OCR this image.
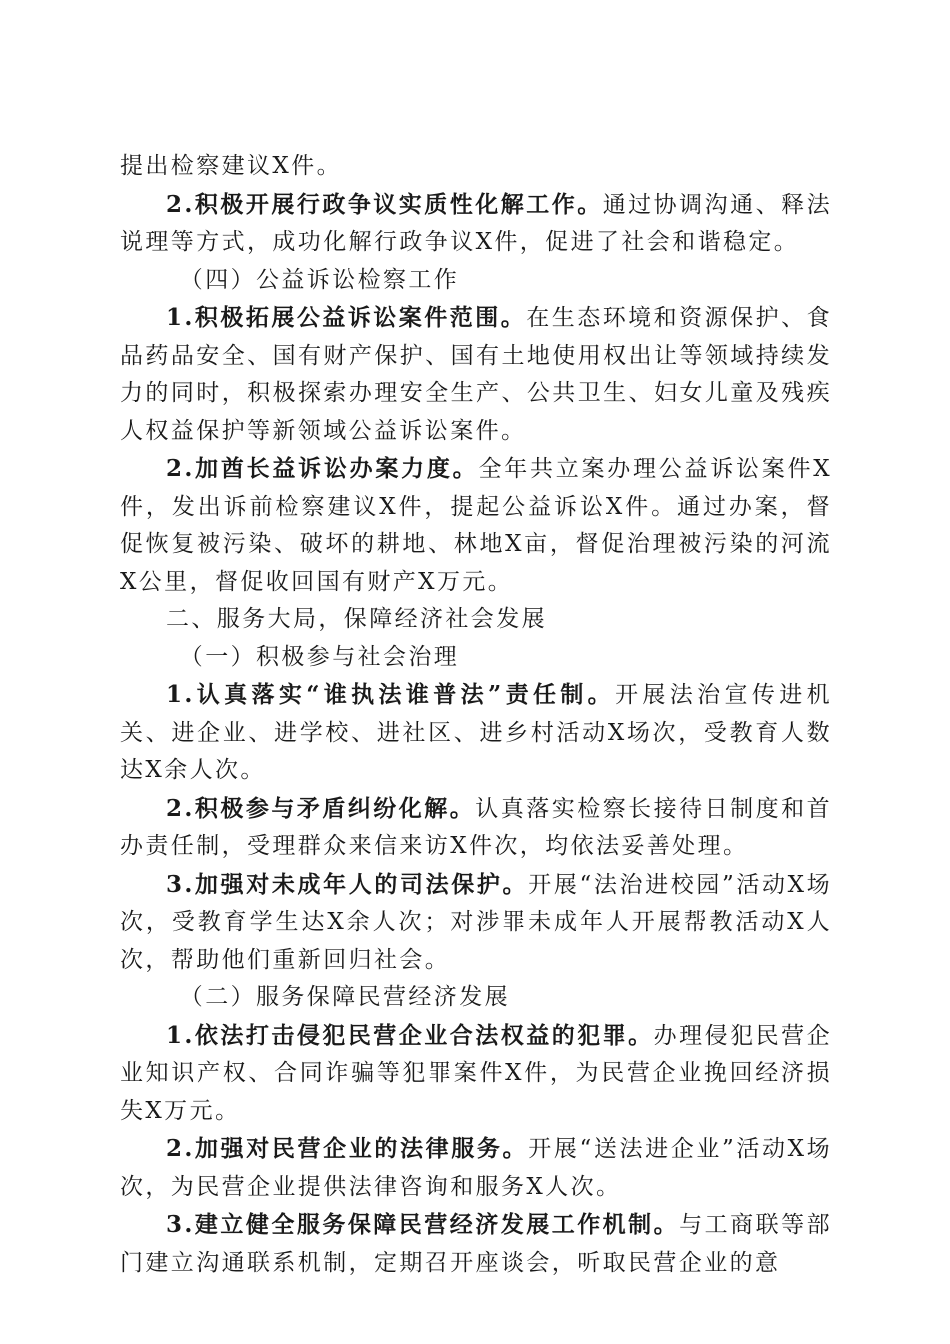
提出检察建议X件。

2.积极开展行政争议实质性化解工作。通过协调沟通、释法说理等方式，成功化解行政争议X件，促进了社会和谐稳定。

（四）公益诉讼检察工作

1.积极拓展公益诉讼案件范围。在生态环境和资源保护、食品药品安全、国有财产保护、国有土地使用权出让等领域持续发力的同时，积极探索办理安全生产、公共卫生、妇女儿童及残疾人权益保护等新领域公益诉讼案件。

2.加酋长益诉讼办案力度。全年共立案办理公益诉讼案件X件，发出诉前检察建议X件，提起公益诉讼X件。通过办案，督促恢复被污染、破坏的耕地、林地X亩，督促治理被污染的河流X公里，督促收回国有财产X万元。

二、服务大局，保障经济社会发展

（一）积极参与社会治理

1.认真落实“谁执法谁普法”责任制。开展法治宣传进机关、进企业、进学校、进社区、进乡村活动X场次，受教育人数达X余人次。

2.积极参与矛盾纠纷化解。认真落实检察长接待日制度和首办责任制，受理群众来信来访X件次，均依法妥善处理。

3.加强对未成年人的司法保护。开展“法治进校园”活动X场次，受教育学生达X余人次；对涉罪未成年人开展帮教活动X人次，帮助他们重新回归社会。

（二）服务保障民营经济发展

1.依法打击侵犯民营企业合法权益的犯罪。办理侵犯民营企业知识产权、合同诈骗等犯罪案件X件，为民营企业挽回经济损失X万元。

2.加强对民营企业的法律服务。开展“送法进企业”活动X场次，为民营企业提供法律咨询和服务X人次。

3.建立健全服务保障民营经济发展工作机制。与工商联等部门建立沟通联系机制，定期召开座谈会，听取民营企业的意
